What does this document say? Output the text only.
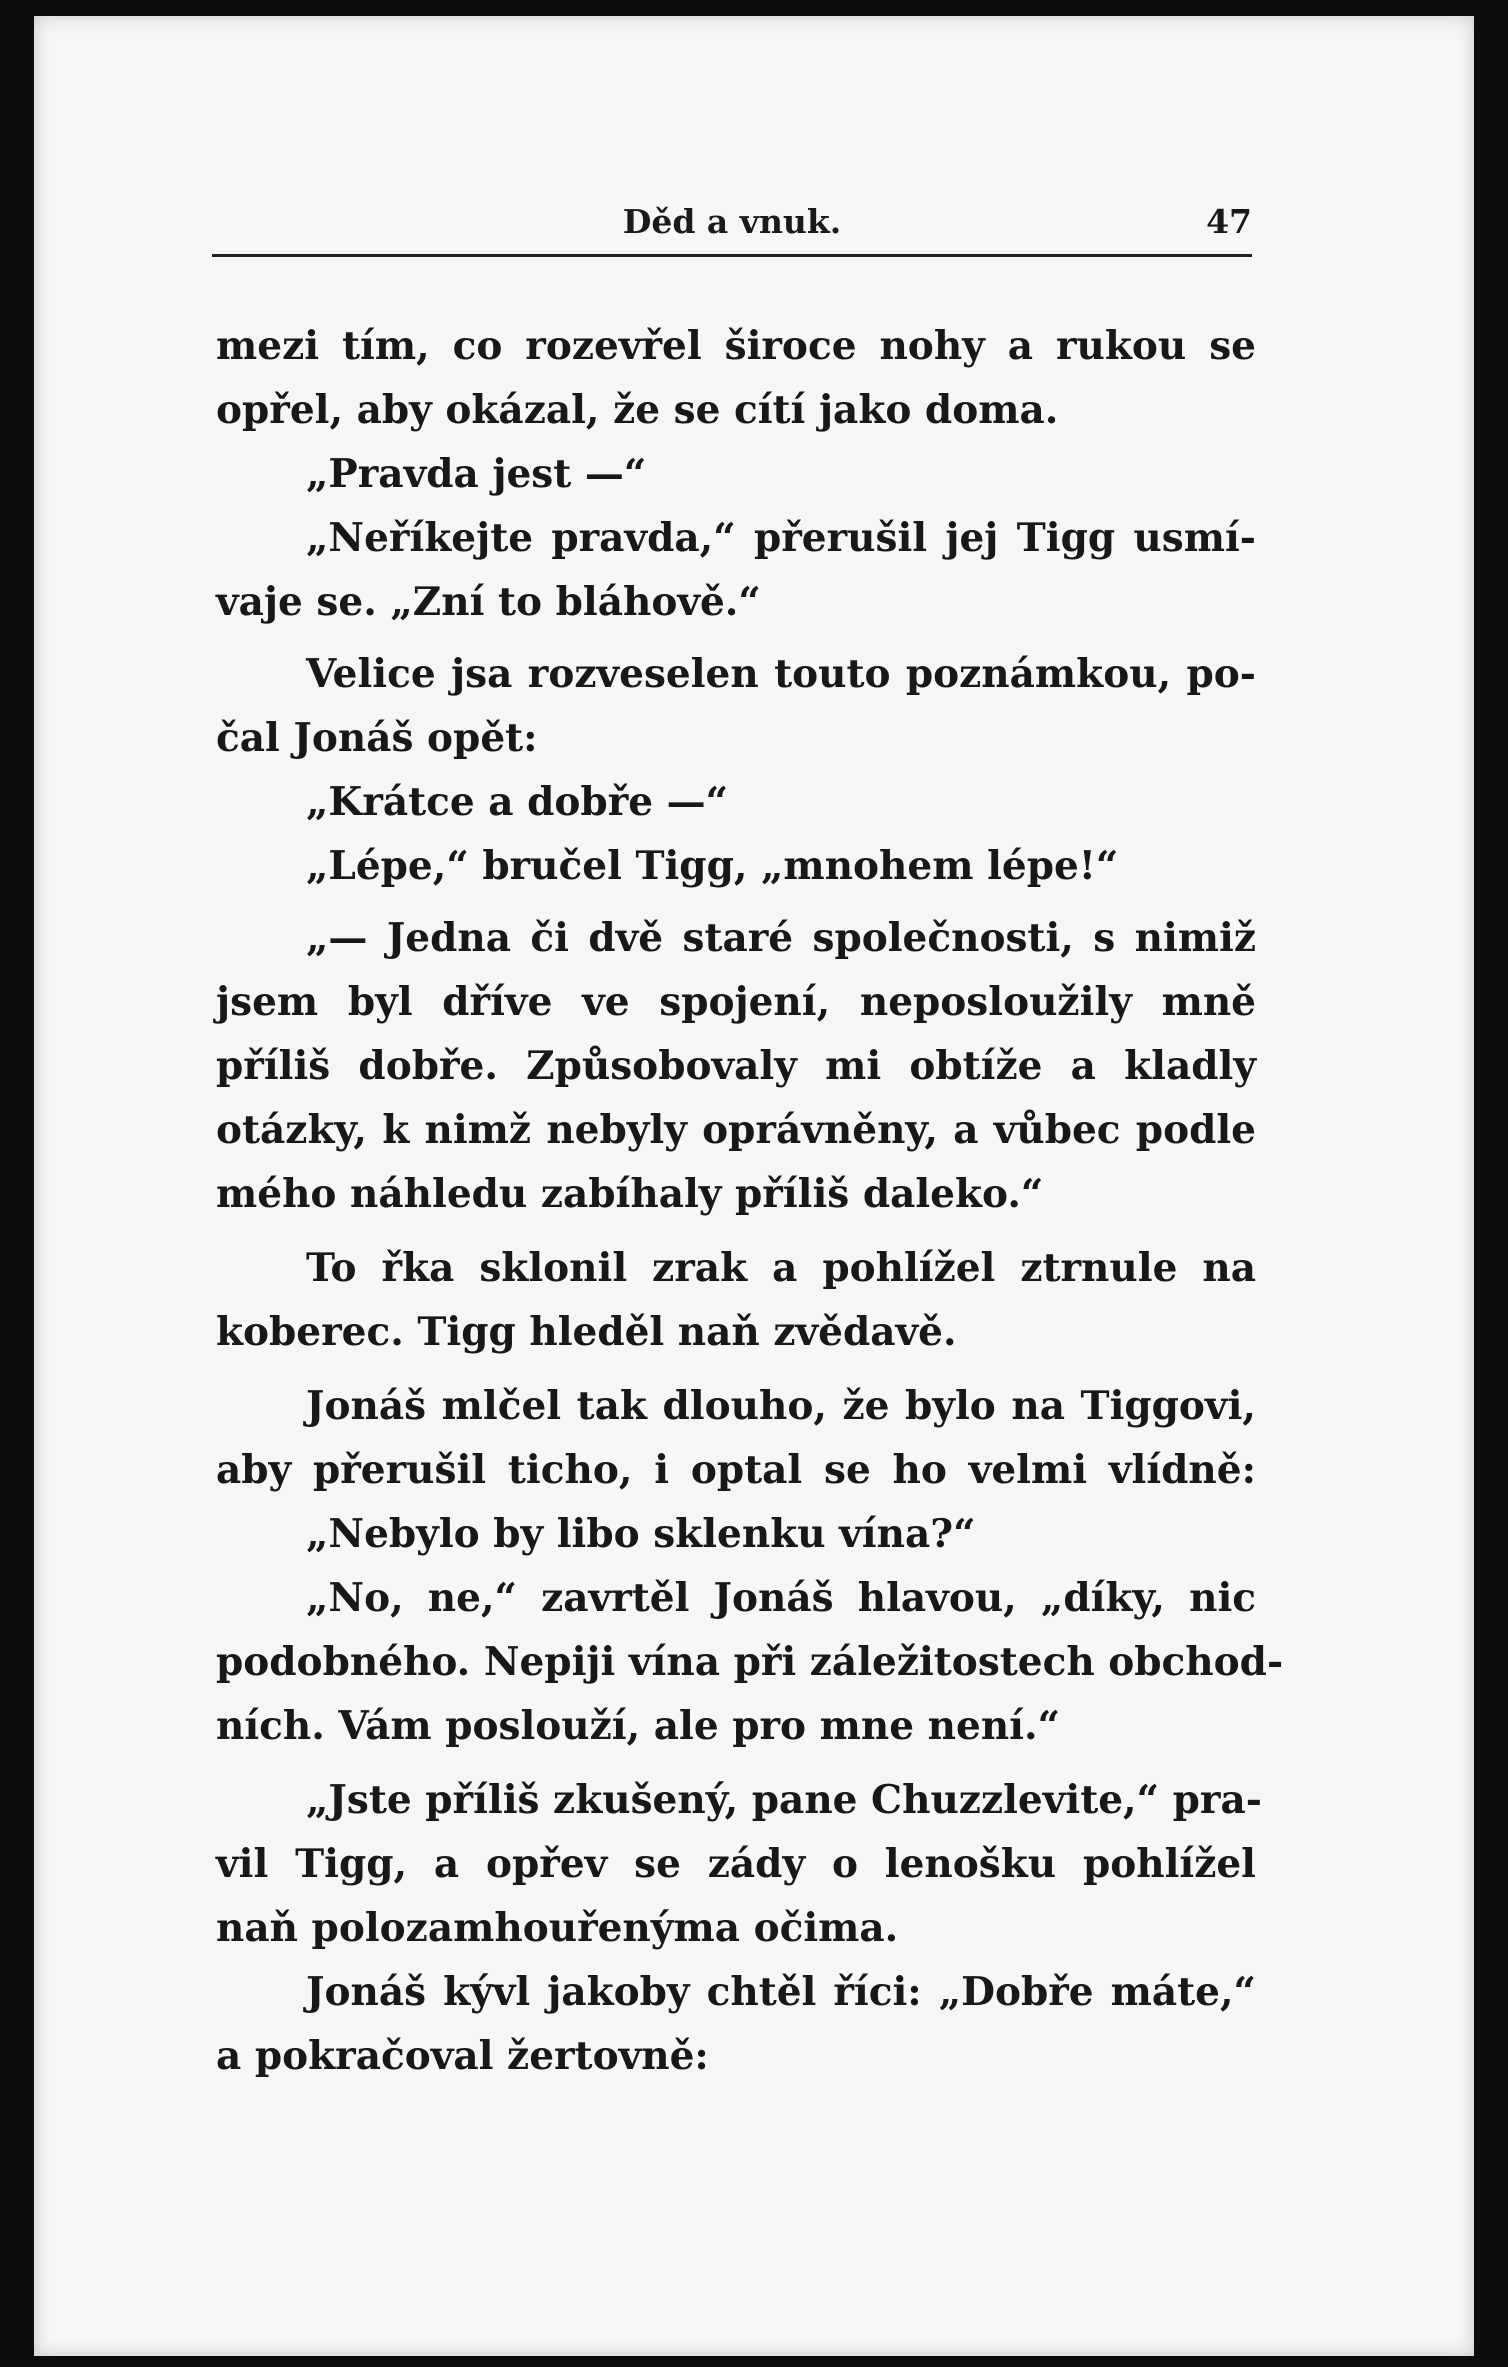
Děd a vnuk.	47
mezi tím, co rozevřel široce nohy a rukou se
opřel, aby okázal, že se cítí jako doma.
„Pravda jest —“
„Neříkejte pravda,“ přerušil jej Tigg usmí-
vaje se. „Zní to bláhově.“
Velice jsa rozveselen touto poznámkou, po-
čal Jonáš opět:
„Krátce a dobře —“
„Lépe,“ bručel Tigg, „mnohem lépe!“
„— Jedna či dvě staré společnosti, s nimiž
jsem byl dříve ve spojení, neposloužily mně
příliš dobře. Způsobovaly mi obtíže a kladly
otázky, k nimž nebyly oprávněny, a vůbec podle
mého náhledu zabíhaly příliš daleko.“
To řka sklonil zrak a pohlížel ztrnule na
koberec. Tigg hleděl naň zvědavě.
Jonáš mlčel tak dlouho, že bylo na Tiggovi,
aby přerušil ticho, i optal se ho velmi vlídně:
„Nebylo by libo sklenku vína?“
„No, ne,“ zavrtěl Jonáš hlavou, „díky, nic
podobného. Nepiji vína při záležitostech obchod-
ních. Vám poslouží, ale pro mne není.“
„Jste příliš zkušený, pane Chuzzlevite,“ pra-
vil Tigg, a opřev se zády o lenošku pohlížel
naň polozamhouřenýma očima.
Jonáš kývl jakoby chtěl říci: „Dobře máte,“
a pokračoval žertovně:
